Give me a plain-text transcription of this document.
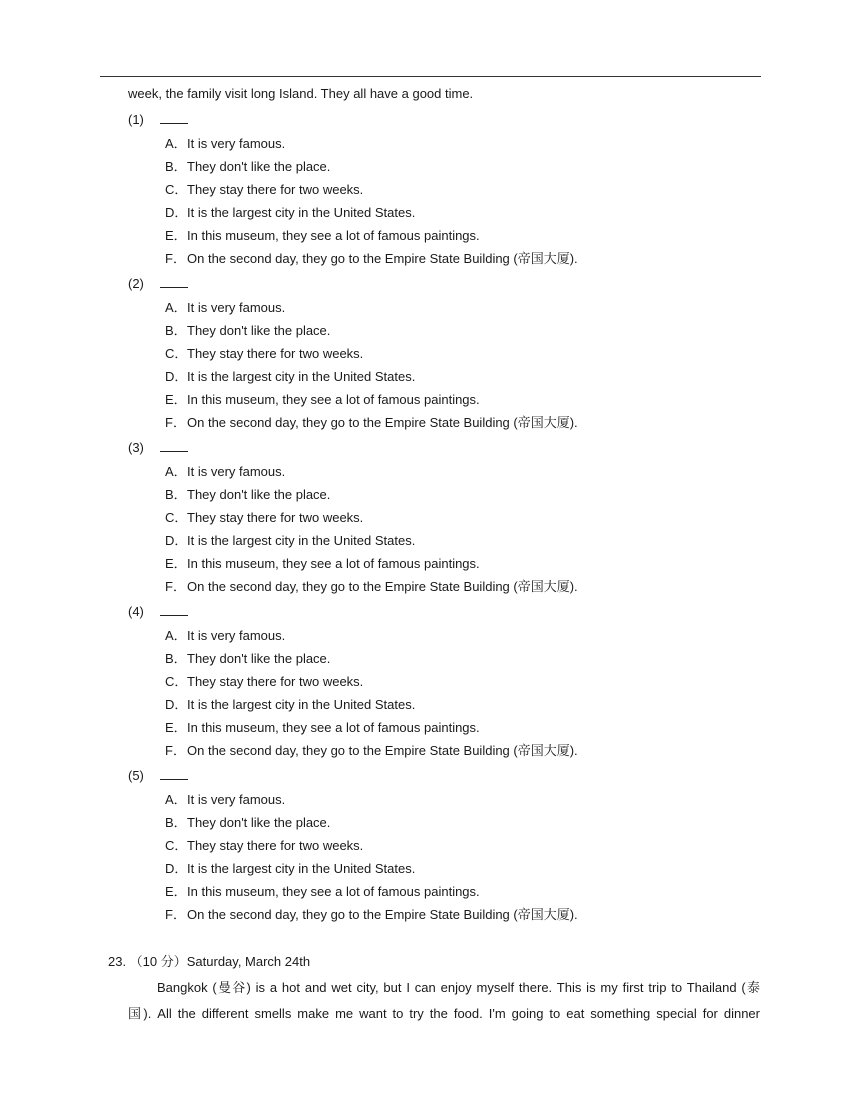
week, the family visit long Island. They all have a good time.
(1)
A．It is very famous.
B．They don't like the place.
C．They stay there for two weeks.
D．It is the largest city in the United States.
E．In this museum, they see a lot of famous paintings.
F．On the second day, they go to the Empire State Building (帝国大厦).
(2)
A．It is very famous.
B．They don't like the place.
C．They stay there for two weeks.
D．It is the largest city in the United States.
E．In this museum, they see a lot of famous paintings.
F．On the second day, they go to the Empire State Building (帝国大厦).
(3)
A．It is very famous.
B．They don't like the place.
C．They stay there for two weeks.
D．It is the largest city in the United States.
E．In this museum, they see a lot of famous paintings.
F．On the second day, they go to the Empire State Building (帝国大厦).
(4)
A．It is very famous.
B．They don't like the place.
C．They stay there for two weeks.
D．It is the largest city in the United States.
E．In this museum, they see a lot of famous paintings.
F．On the second day, they go to the Empire State Building (帝国大厦).
(5)
A．It is very famous.
B．They don't like the place.
C．They stay there for two weeks.
D．It is the largest city in the United States.
E．In this museum, they see a lot of famous paintings.
F．On the second day, they go to the Empire State Building (帝国大厦).
23. （10 分）Saturday, March 24th
Bangkok (曼谷) is a hot and wet city, but I can enjoy myself there. This is my first trip to Thailand (泰
国). All the different smells make me want to try the food. I'm going to eat something special for dinner
